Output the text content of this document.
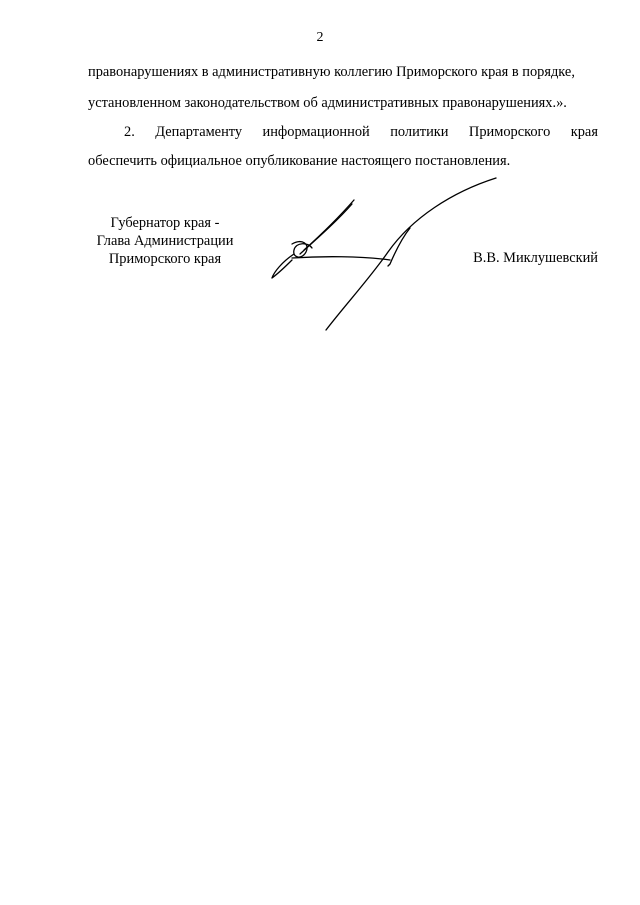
2
правонарушениях в административную коллегию Приморского края в порядке,
установленном законодательством об административных правонарушениях.».
2. Департаменту информационной политики Приморского края
обеспечить официальное опубликование настоящего постановления.
Губернатор края -
Глава Администрации
Приморского края	В.В. Миклушевский
